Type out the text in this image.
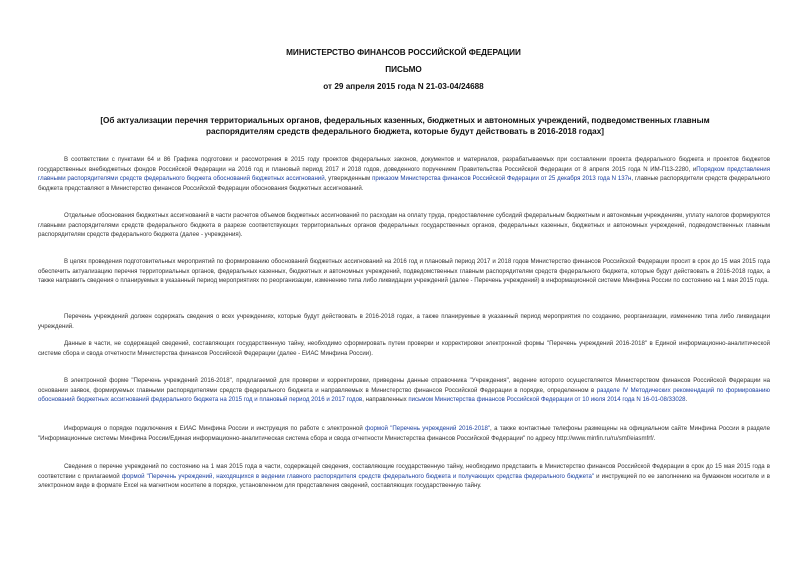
МИНИСТЕРСТВО ФИНАНСОВ РОССИЙСКОЙ ФЕДЕРАЦИИ
ПИСЬМО
от 29 апреля 2015 года N 21-03-04/24688
[Об актуализации перечня территориальных органов, федеральных казенных, бюджетных и автономных учреждений, подведомственных главным распорядителям средств федерального бюджета, которые будут действовать в 2016-2018 годах]

В соответствии с пунктами 64 и 86 Графика подготовки и рассмотрения в 2015 году проектов федеральных законов, документов и материалов, разрабатываемых при составлении проекта федерального бюджета и проектов бюджетов государственных внебюджетных фондов Российской Федерации на 2016 год и плановый период 2017 и 2018 годов, доведенного поручением Правительства Российской Федерации от 8 апреля 2015 года N ИМ-П13-2280, иПорядком представления главными распорядителями средств федерального бюджета обоснований бюджетных ассигнований, утвержденным приказом Министерства финансов Российской Федерации от 25 декабря 2013 года N 137н, главные распорядители средств федерального бюджета представляют в Министерство финансов Российской Федерации обоснования бюджетных ассигнований.

Отдельные обоснования бюджетных ассигнований в части расчетов объемов бюджетных ассигнований по расходам на оплату труда, предоставление субсидий федеральным бюджетным и автономным учреждениям, уплату налогов формируются главными распорядителями средств федерального бюджета в разрезе соответствующих территориальных органов федеральных государственных органов, федеральных казенных, бюджетных и автономных учреждений, подведомственных главным распорядителям средств федерального бюджета (далее - учреждения).

В целях проведения подготовительных мероприятий по формированию обоснований бюджетных ассигнований на 2016 год и плановый период 2017 и 2018 годов Министерство финансов Российской Федерации просит в срок до 15 мая 2015 года обеспечить актуализацию перечня территориальных органов, федеральных казенных, бюджетных и автономных учреждений, подведомственных главным распорядителям средств федерального бюджета, которые будут действовать в 2016-2018 годах, а также направить сведения о планируемых в указанный период мероприятиях по реорганизации, изменению типа либо ликвидации учреждений (далее - Перечень учреждений) в информационной системе Минфина России по состоянию на 1 мая 2015 года.

Перечень учреждений должен содержать сведения о всех учреждениях, которые будут действовать в 2016-2018 годах, а также планируемые в указанный период мероприятия по созданию, реорганизации, изменению типа либо ликвидации учреждений.

Данные в части, не содержащей сведений, составляющих государственную тайну, необходимо сформировать путем проверки и корректировки электронной формы "Перечень учреждений 2016-2018" в Единой информационно-аналитической системе сбора и свода отчетности Министерства финансов Российской Федерации (далее - ЕИАС Минфина России).

В электронной форме "Перечень учреждений 2016-2018", предлагаемой для проверки и корректировки, приведены данные справочника "Учреждения", ведение которого осуществляется Министерством финансов Российской Федерации на основании заявок, формируемых главными распорядителями средств федерального бюджета и направляемых в Министерство финансов Российской Федерации в порядке, определенном в разделе IV Методических рекомендаций по формированию обоснований бюджетных ассигнований федерального бюджета на 2015 год и плановый период 2016 и 2017 годов, направленных письмом Министерства финансов Российской Федерации от 10 июля 2014 года N 16-01-08/33028.

Информация о порядке подключения к ЕИАС Минфина России и инструкция по работе с электронной формой "Перечень учреждений 2016-2018", а также контактные телефоны размещены на официальном сайте Минфина России в разделе "Информационные системы Минфина России/Единая информационно-аналитическая система сбора и свода отчетности Министерства финансов Российской Федерации" по адресу http://www.minfin.ru/ru/smf/eiasmfrf/.

Сведения о перечне учреждений по состоянию на 1 мая 2015 года в части, содержащей сведения, составляющие государственную тайну, необходимо представить в Министерство финансов Российской Федерации в срок до 15 мая 2015 года в соответствии с прилагаемой формой "Перечень учреждений, находящихся в ведении главного распорядителя средств федерального бюджета и получающих средства федерального бюджета" и инструкцией по ее заполнению на бумажном носителе и в электронном виде в формате Excel на магнитном носителе в порядке, установленном для представления сведений, составляющих государственную тайну.
